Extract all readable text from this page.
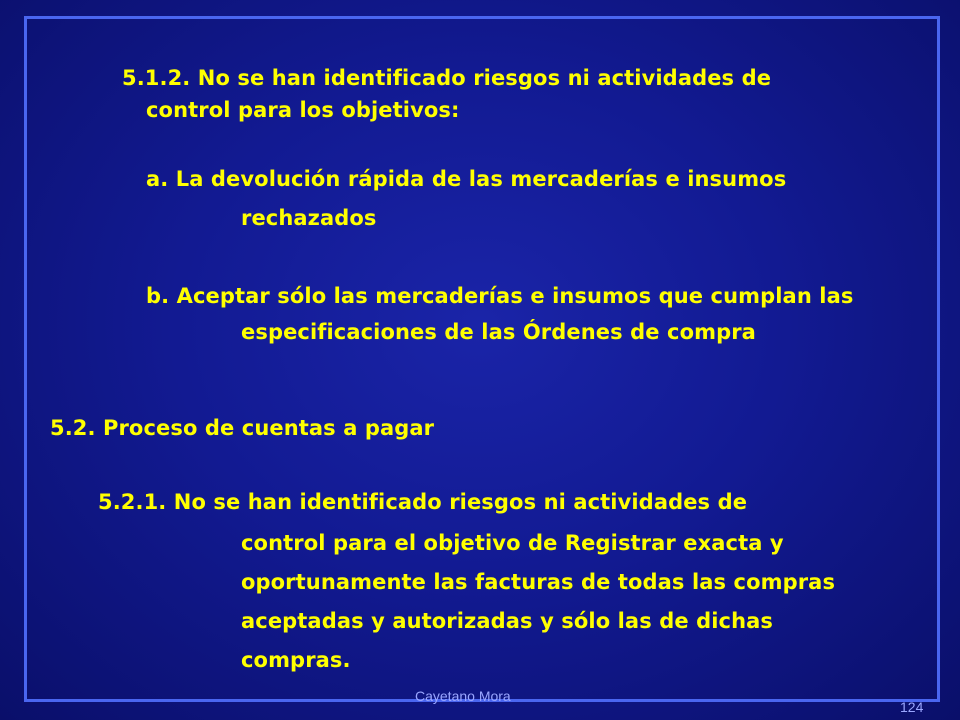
5.1.2. No se han identificado riesgos ni actividades de
control para los objetivos:
a. La devolución rápida de las mercaderías e insumos
rechazados
b. Aceptar sólo las mercaderías e insumos que cumplan las
especificaciones de las Órdenes de compra
5.2. Proceso de cuentas a pagar
5.2.1. No se han identificado riesgos ni actividades de
control para el objetivo de Registrar exacta y
oportunamente las facturas de todas las compras
aceptadas y autorizadas y sólo las de dichas
compras.
Cayetano Mora
124
